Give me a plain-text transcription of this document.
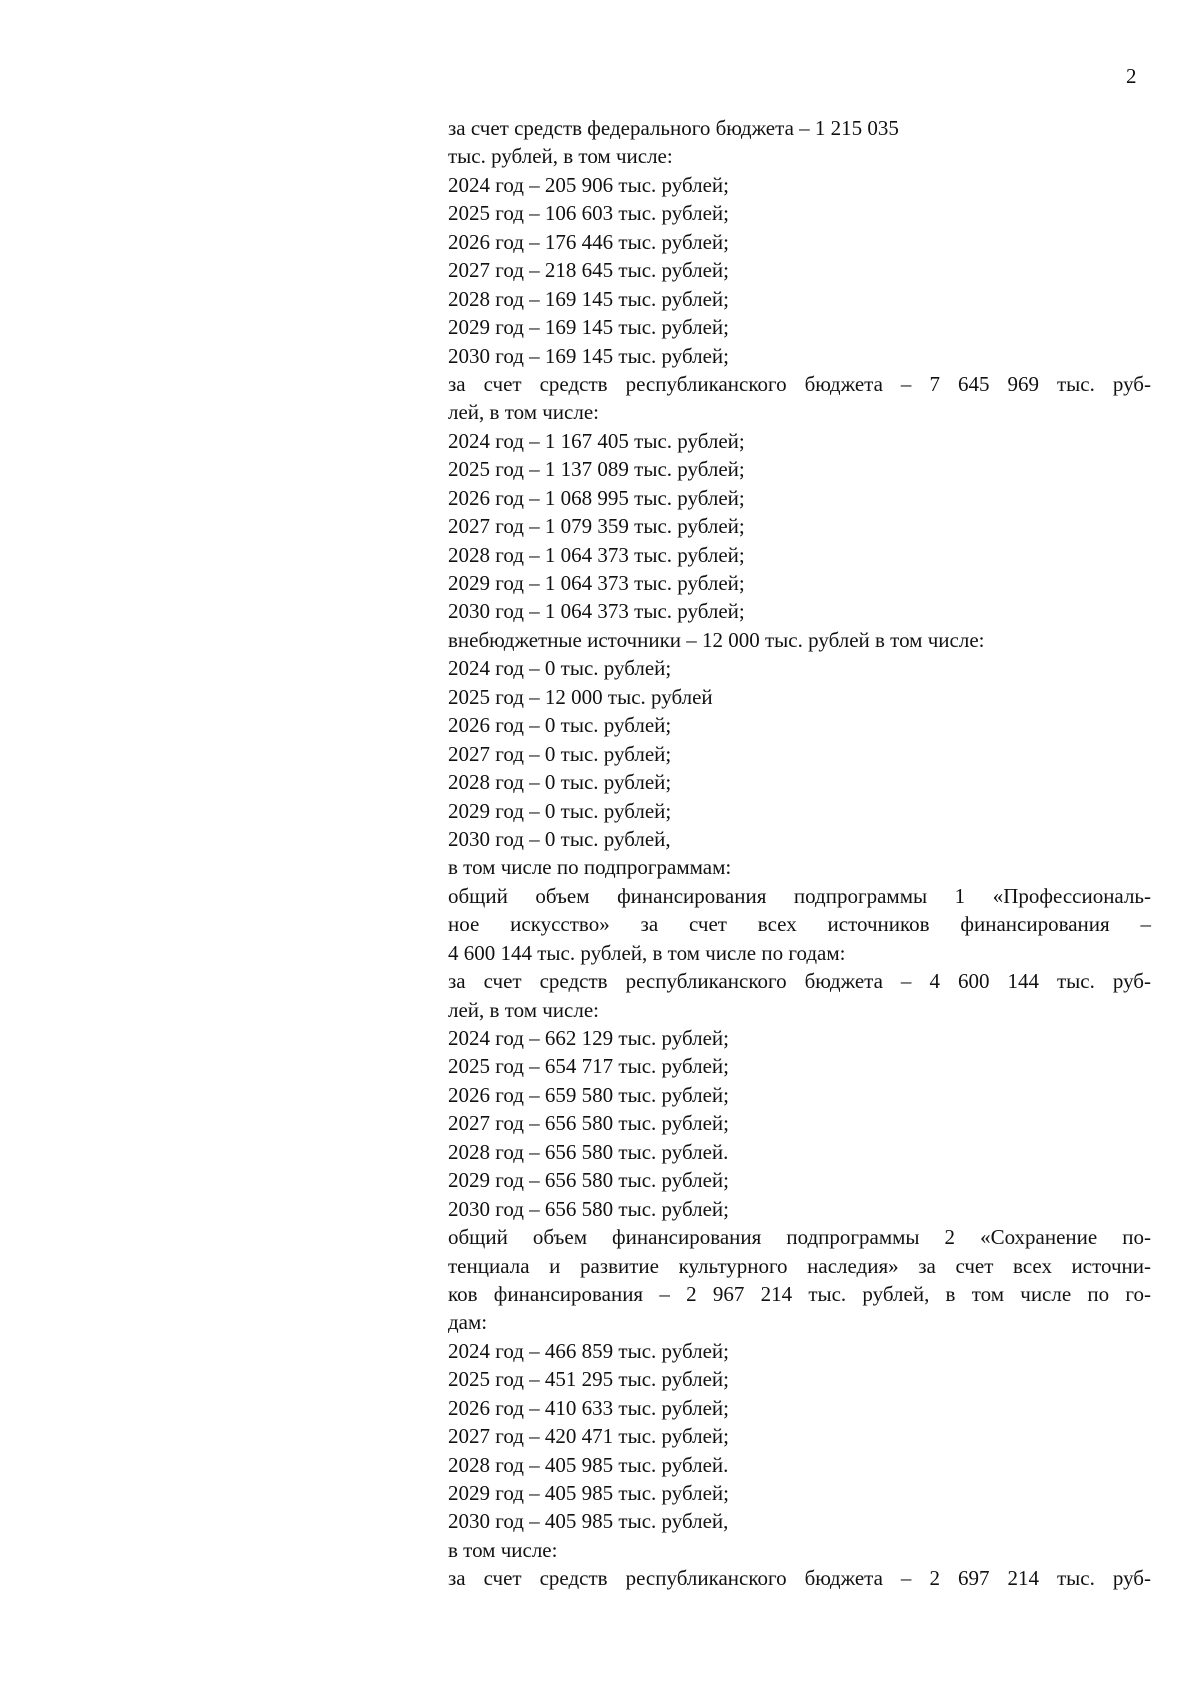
2
за счет средств федерального бюджета – 1 215 035
тыс. рублей, в том числе:
2024 год – 205 906 тыс. рублей;
2025 год – 106 603 тыс. рублей;
2026 год – 176 446 тыс. рублей;
2027 год – 218 645 тыс. рублей;
2028 год – 169 145 тыс. рублей;
2029 год – 169 145 тыс. рублей;
2030 год – 169 145 тыс. рублей;
за счет средств республиканского бюджета – 7 645 969 тыс. руб-
лей, в том числе:
2024 год – 1 167 405 тыс. рублей;
2025 год – 1 137 089 тыс. рублей;
2026 год – 1 068 995 тыс. рублей;
2027 год – 1 079 359 тыс. рублей;
2028 год – 1 064 373 тыс. рублей;
2029 год – 1 064 373 тыс. рублей;
2030 год – 1 064 373 тыс. рублей;
внебюджетные источники – 12 000 тыс. рублей в том числе:
2024 год – 0 тыс. рублей;
2025 год – 12 000 тыс. рублей
2026 год – 0 тыс. рублей;
2027 год – 0 тыс. рублей;
2028 год – 0 тыс. рублей;
2029 год – 0 тыс. рублей;
2030 год – 0 тыс. рублей,
в том числе по подпрограммам:
общий объем финансирования подпрограммы 1 «Профессиональ-
ное искусство» за счет всех источников финансирования –
4 600 144 тыс. рублей, в том числе по годам:
за счет средств республиканского бюджета – 4 600 144 тыс. руб-
лей, в том числе:
2024 год – 662 129 тыс. рублей;
2025 год – 654 717 тыс. рублей;
2026 год – 659 580 тыс. рублей;
2027 год – 656 580 тыс. рублей;
2028 год – 656 580 тыс. рублей.
2029 год – 656 580 тыс. рублей;
2030 год – 656 580 тыс. рублей;
общий объем финансирования подпрограммы 2 «Сохранение по-
тенциала и развитие культурного наследия» за счет всех источни-
ков финансирования – 2 967 214 тыс. рублей, в том числе по го-
дам:
2024 год – 466 859 тыс. рублей;
2025 год – 451 295 тыс. рублей;
2026 год – 410 633 тыс. рублей;
2027 год – 420 471 тыс. рублей;
2028 год – 405 985 тыс. рублей.
2029 год – 405 985 тыс. рублей;
2030 год – 405 985 тыс. рублей,
в том числе:
за счет средств республиканского бюджета – 2 697 214 тыс. руб-
